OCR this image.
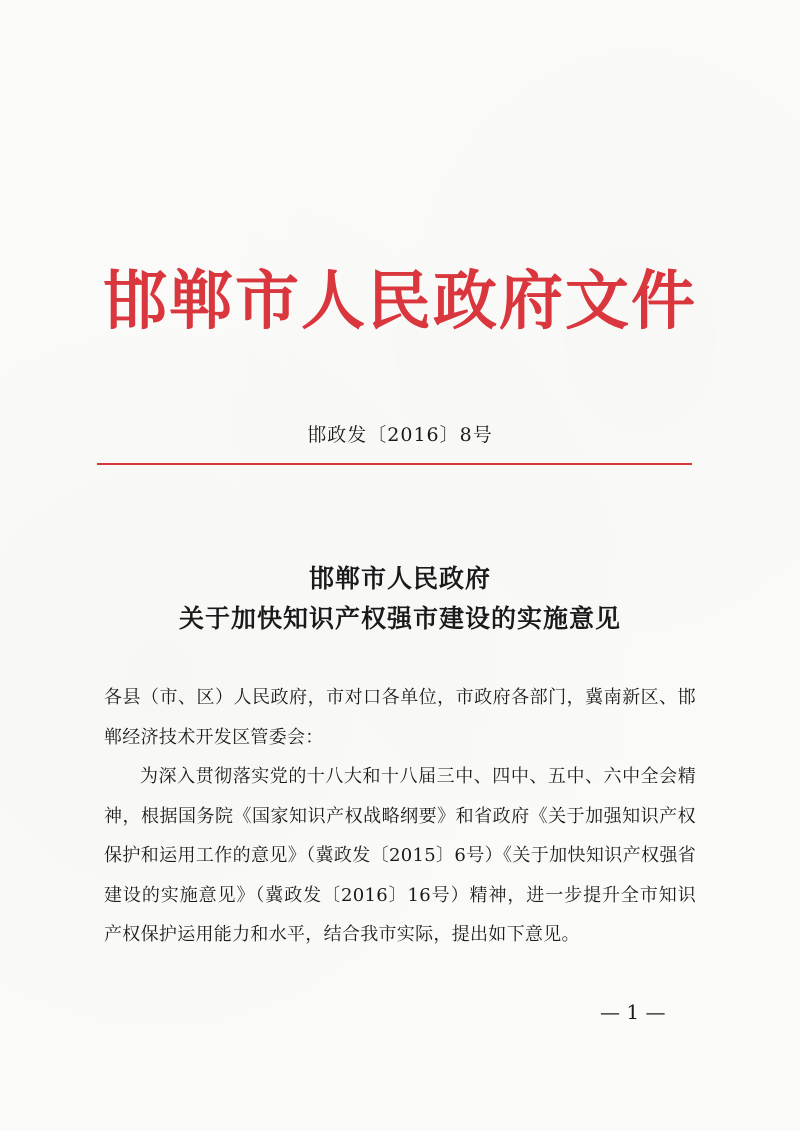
邯郸市人民政府文件
邯政发〔2016〕8号
邯郸市人民政府
关于加快知识产权强市建设的实施意见

各县（市、区）人民政府，市对口各单位，市政府各部门，冀南新区、邯郸经济技术开发区管委会：

为深入贯彻落实党的十八大和十八届三中、四中、五中、六中全会精神，根据国务院《国家知识产权战略纲要》和省政府《关于加强知识产权保护和运用工作的意见》（冀政发〔2015〕6号）《关于加快知识产权强省建设的实施意见》（冀政发〔2016〕16号）精神，进一步提升全市知识产权保护运用能力和水平，结合我市实际，提出如下意见。

— 1 —
